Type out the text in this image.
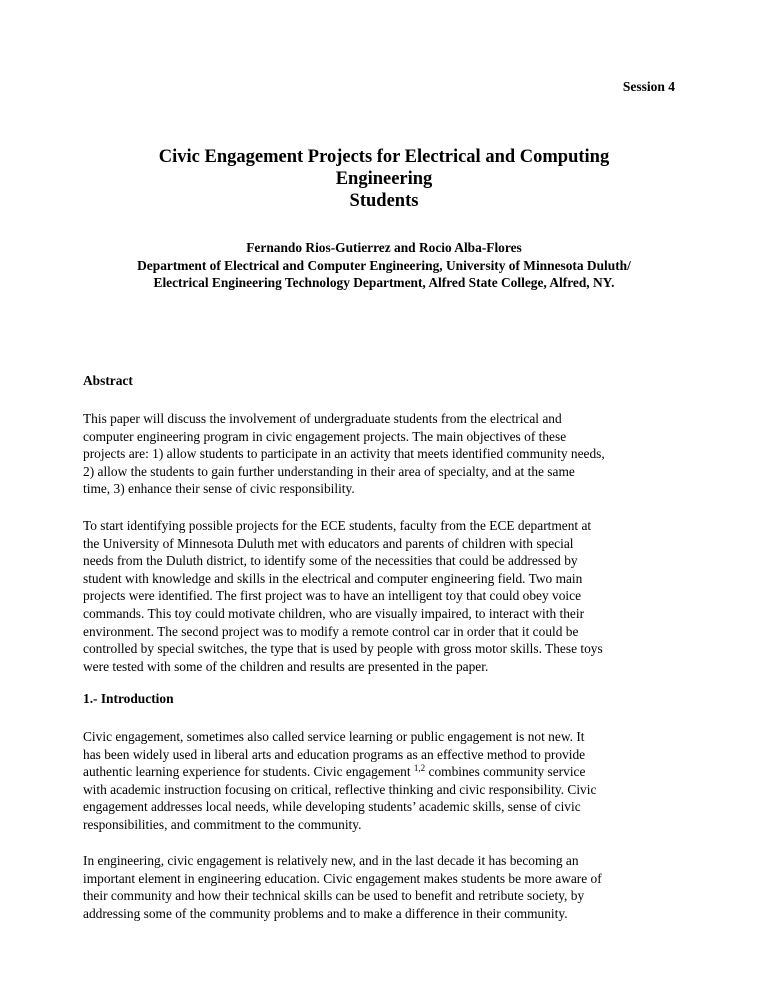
Session 4
Civic Engagement Projects for Electrical and Computing Engineering
Students
Fernando Rios-Gutierrez and Rocio Alba-Flores
Department of Electrical and Computer Engineering, University of Minnesota Duluth/
Electrical Engineering Technology Department, Alfred State College, Alfred, NY.
Abstract
This paper will discuss the involvement of undergraduate students from the electrical and
computer engineering program in civic engagement projects. The main objectives of these
projects are: 1) allow students to participate in an activity that meets identified community needs,
2) allow the students to gain further understanding in their area of specialty, and at the same
time, 3) enhance their sense of civic responsibility.
To start identifying possible projects for the ECE students, faculty from the ECE department at
the University of Minnesota Duluth met with educators and parents of children with special
needs from the Duluth district, to identify some of the necessities that could be addressed by
student with knowledge and skills in the electrical and computer engineering field. Two main
projects were identified. The first project was to have an intelligent toy that could obey voice
commands. This toy could motivate children, who are visually impaired, to interact with their
environment. The second project was to modify a remote control car in order that it could be
controlled by special switches, the type that is used by people with gross motor skills. These toys
were tested with some of the children and results are presented in the paper.
1.- Introduction
Civic engagement, sometimes also called service learning or public engagement is not new. It
has been widely used in liberal arts and education programs as an effective method to provide
authentic learning experience for students. Civic engagement $^{1,2}$ combines community service
with academic instruction focusing on critical, reflective thinking and civic responsibility. Civic
engagement addresses local needs, while developing students’ academic skills, sense of civic
responsibilities, and commitment to the community.
In engineering, civic engagement is relatively new, and in the last decade it has becoming an
important element in engineering education. Civic engagement makes students be more aware of
their community and how their technical skills can be used to benefit and retribute society, by
addressing some of the community problems and to make a difference in their community.
